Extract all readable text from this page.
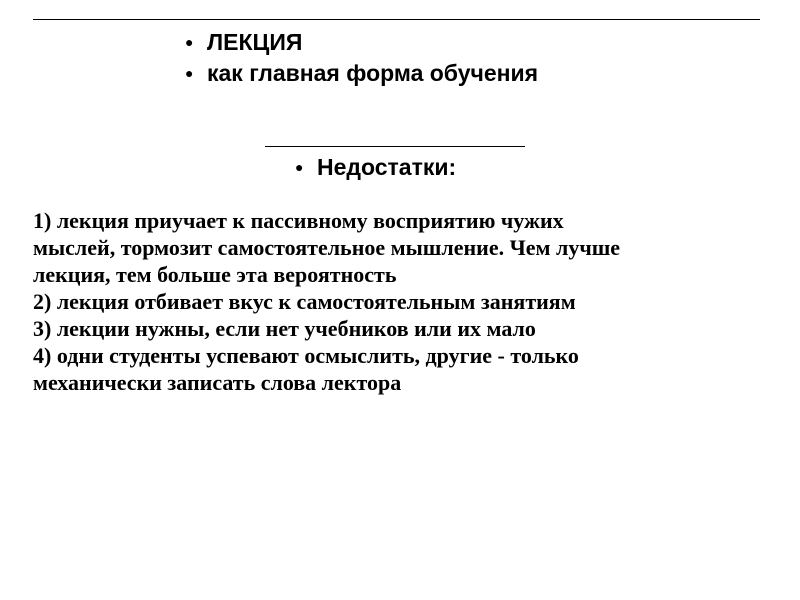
● ЛЕКЦИЯ
● как главная форма обучения
● Недостатки:
1) лекция приучает к пассивному восприятию чужих
мыслей, тормозит самостоятельное мышление. Чем лучше
лекция, тем больше эта вероятность
2) лекция отбивает вкус к самостоятельным занятиям
3) лекции нужны, если нет учебников или их мало
4) одни студенты успевают осмыслить, другие - только
механически записать слова лектора
